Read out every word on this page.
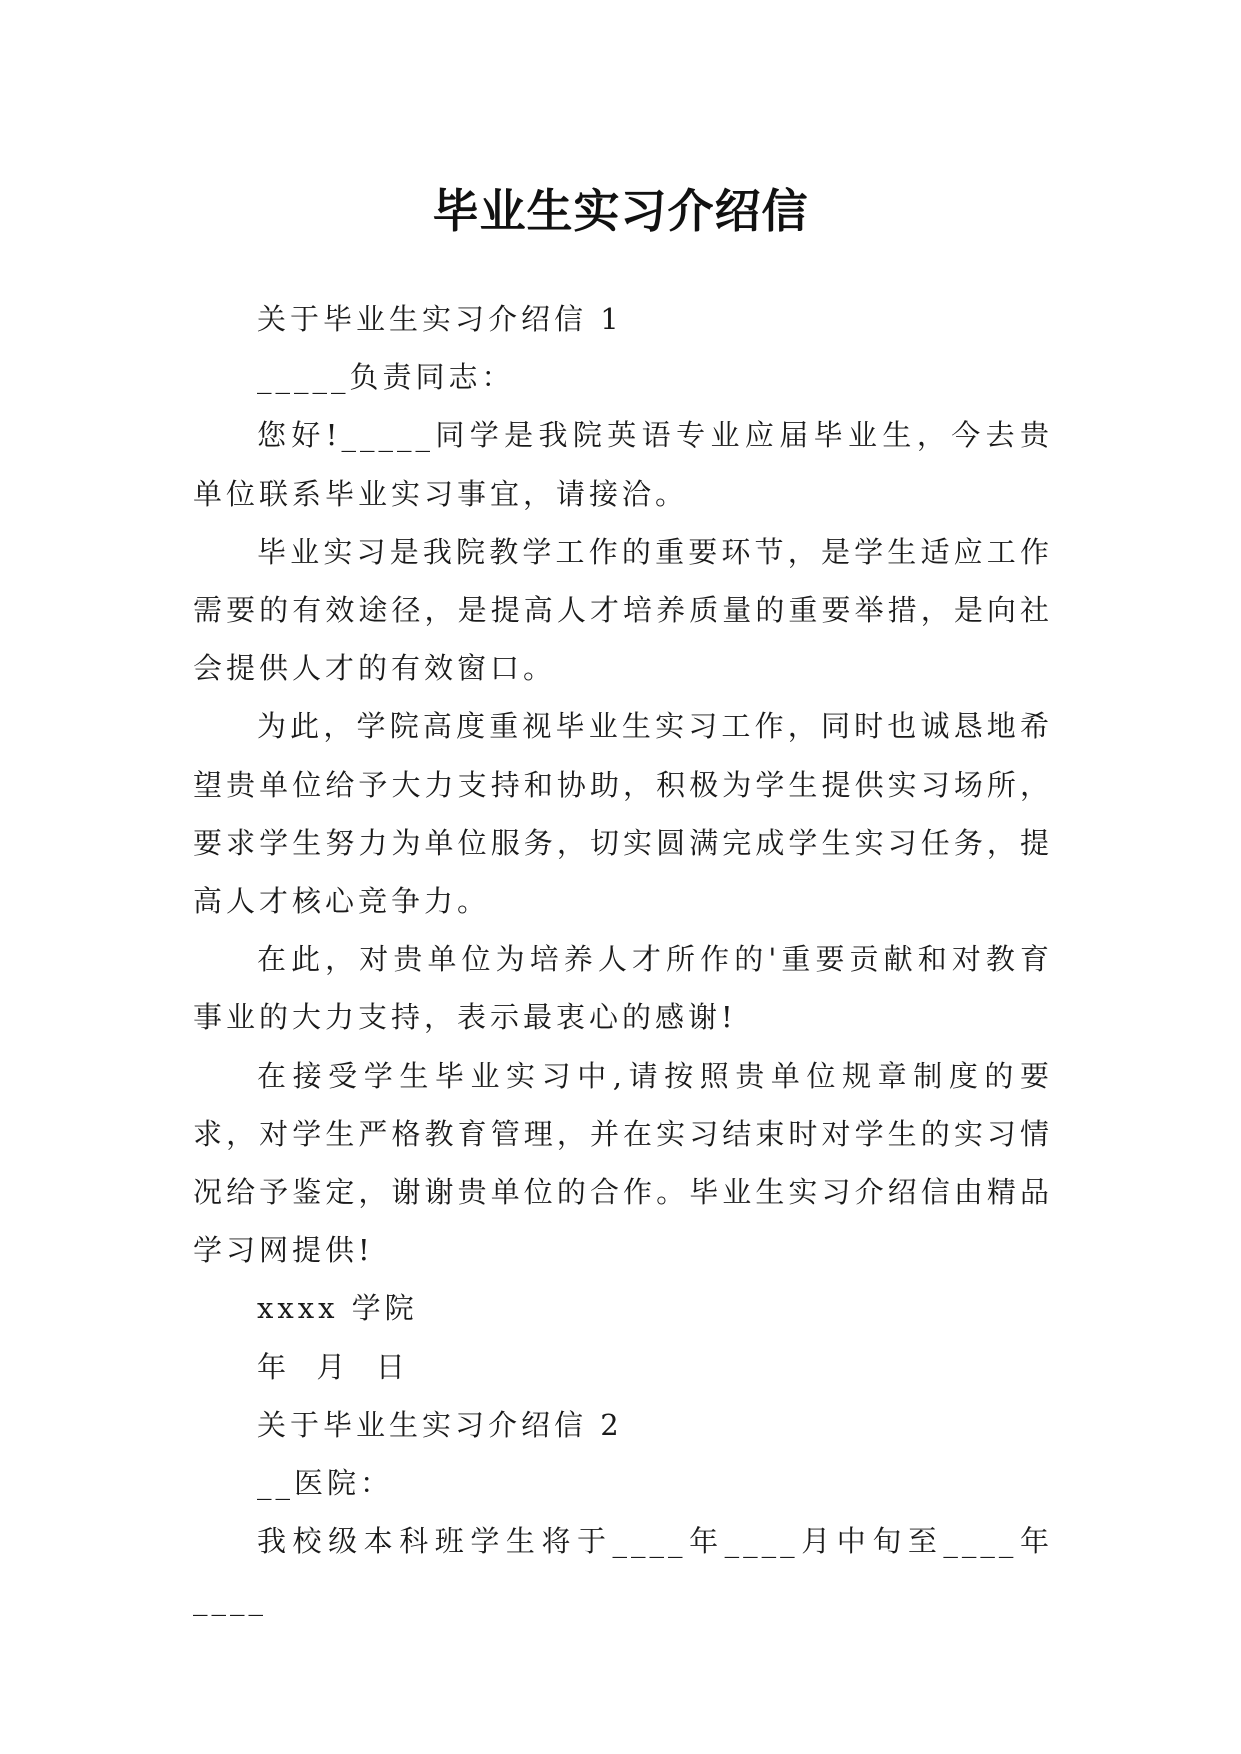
毕业生实习介绍信

关于毕业生实习介绍信 1

_____负责同志：

您好!_____同学是我院英语专业应届毕业生，今去贵单位联系毕业实习事宜，请接洽。

毕业实习是我院教学工作的重要环节，是学生适应工作需要的有效途径，是提高人才培养质量的重要举措，是向社会提供人才的有效窗口。

为此，学院高度重视毕业生实习工作，同时也诚恳地希望贵单位给予大力支持和协助，积极为学生提供实习场所，要求学生努力为单位服务，切实圆满完成学生实习任务，提高人才核心竞争力。

在此，对贵单位为培养人才所作的'重要贡献和对教育事业的大力支持，表示最衷心的感谢!

在接受学生毕业实习中,请按照贵单位规章制度的要求，对学生严格教育管理，并在实习结束时对学生的实习情况给予鉴定，谢谢贵单位的合作。毕业生实习介绍信由精品学习网提供!

xxxx 学院

年  月  日

关于毕业生实习介绍信 2

__医院：

我校级本科班学生将于____年____月中旬至____年____
